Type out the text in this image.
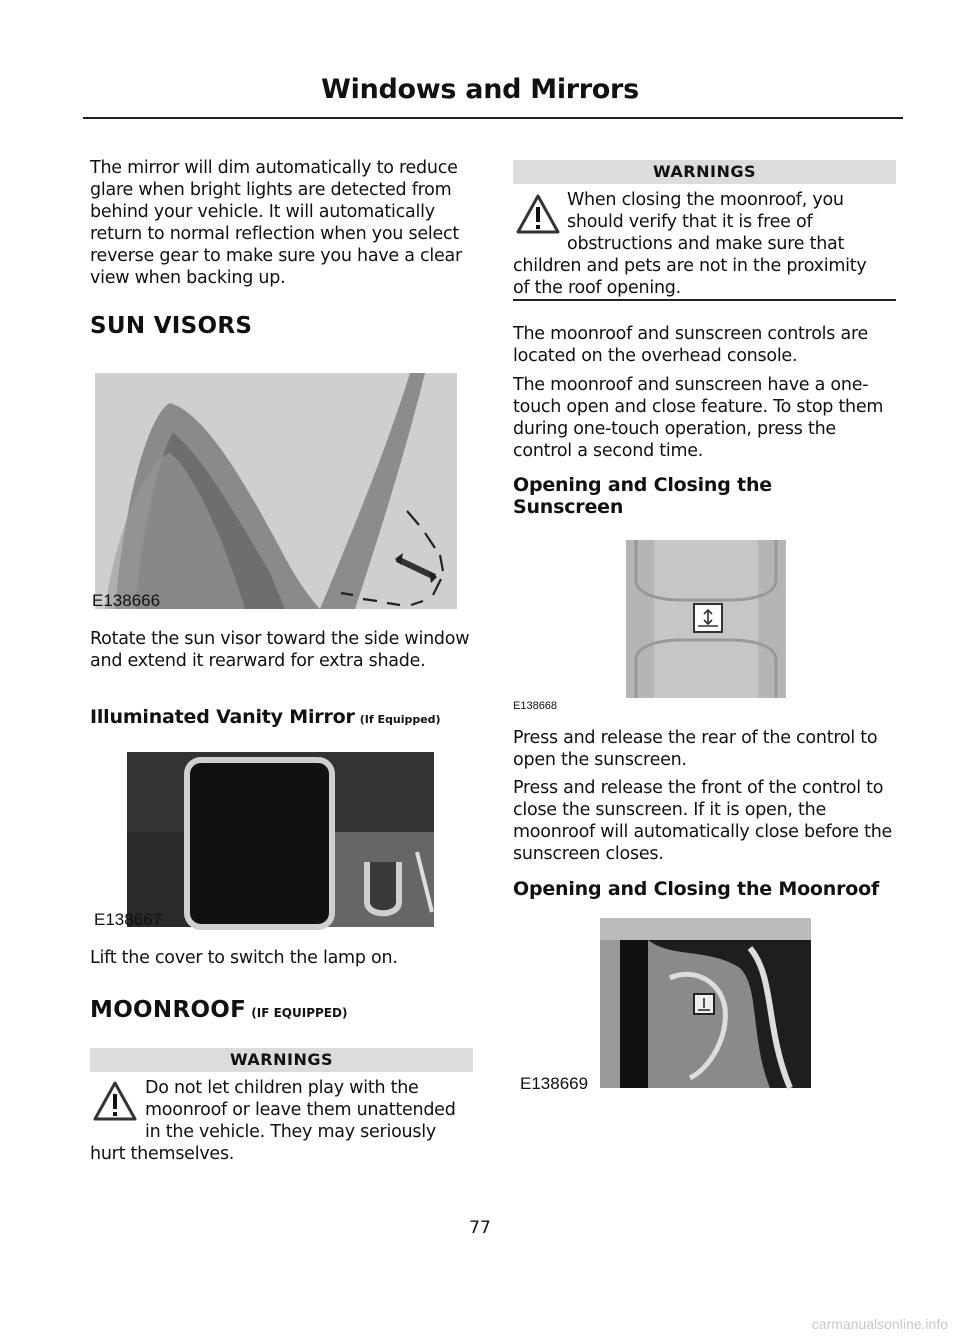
Windows and Mirrors
The mirror will dim automatically to reduce glare when bright lights are detected from behind your vehicle. It will automatically return to normal reflection when you select reverse gear to make sure you have a clear view when backing up.
SUN VISORS
E138666
Rotate the sun visor toward the side window and extend it rearward for extra shade.
Illuminated Vanity Mirror (If Equipped)
E138667
Lift the cover to switch the lamp on.
MOONROOF (IF EQUIPPED)
WARNINGS
Do not let children play with the
moonroof or leave them unattended
in the vehicle. They may seriously
hurt themselves.
WARNINGS
When closing the moonroof, you
should verify that it is free of
obstructions and make sure that
children and pets are not in the proximity
of the roof opening.
The moonroof and sunscreen controls are located on the overhead console.
The moonroof and sunscreen have a one-touch open and close feature. To stop them during one-touch operation, press the control a second time.
Opening and Closing the
Sunscreen
E138668
Press and release the rear of the control to open the sunscreen.
Press and release the front of the control to close the sunscreen. If it is open, the moonroof will automatically close before the sunscreen closes.
Opening and Closing the Moonroof
E138669
77
carmanualsonline.info
